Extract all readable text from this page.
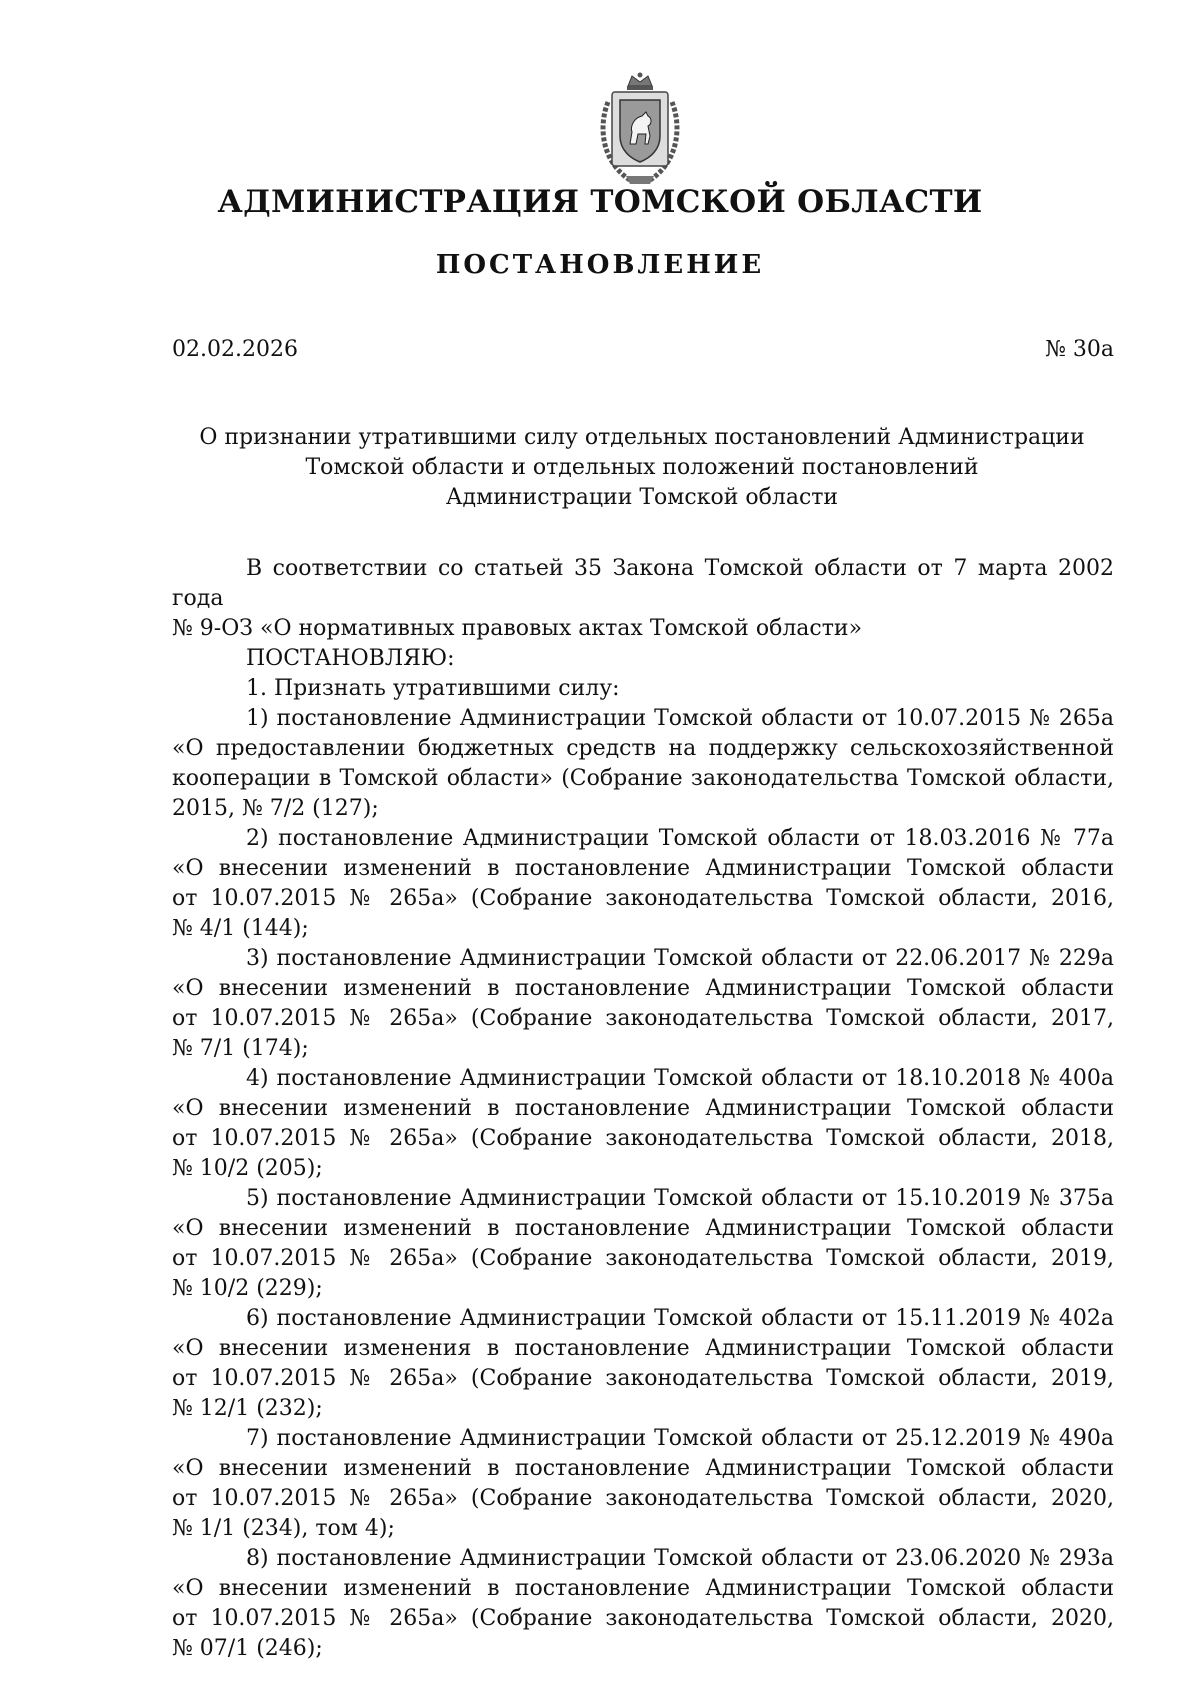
АДМИНИСТРАЦИЯ ТОМСКОЙ ОБЛАСТИ
ПОСТАНОВЛЕНИЕ
02.02.2026	№ 30а
О признании утратившими силу отдельных постановлений Администрации
Томской области и отдельных положений постановлений
Администрации Томской области
В соответствии со статьей 35 Закона Томской области от 7 марта 2002 года
№ 9-ОЗ «О нормативных правовых актах Томской области»

ПОСТАНОВЛЯЮ:

1. Признать утратившими силу:

1) постановление Администрации Томской области от 10.07.2015 № 265а
«О предоставлении бюджетных средств на поддержку сельскохозяйственной
кооперации в Томской области» (Собрание законодательства Томской области,
2015, № 7/2 (127);
2) постановление Администрации Томской области от 18.03.2016 № 77а
«О внесении изменений в постановление Администрации Томской области
от 10.07.2015 № 265а» (Собрание законодательства Томской области, 2016,
№ 4/1 (144);
3) постановление Администрации Томской области от 22.06.2017 № 229а
«О внесении изменений в постановление Администрации Томской области
от 10.07.2015 № 265а» (Собрание законодательства Томской области, 2017,
№ 7/1 (174);
4) постановление Администрации Томской области от 18.10.2018 № 400а
«О внесении изменений в постановление Администрации Томской области
от 10.07.2015 № 265а» (Собрание законодательства Томской области, 2018,
№ 10/2 (205);
5) постановление Администрации Томской области от 15.10.2019 № 375а
«О внесении изменений в постановление Администрации Томской области
от 10.07.2015 № 265а» (Собрание законодательства Томской области, 2019,
№ 10/2 (229);
6) постановление Администрации Томской области от 15.11.2019 № 402а
«О внесении изменения в постановление Администрации Томской области
от 10.07.2015 № 265а» (Собрание законодательства Томской области, 2019,
№ 12/1 (232);
7) постановление Администрации Томской области от 25.12.2019 № 490а
«О внесении изменений в постановление Администрации Томской области
от 10.07.2015 № 265а» (Собрание законодательства Томской области, 2020,
№ 1/1 (234), том 4);
8) постановление Администрации Томской области от 23.06.2020 № 293а
«О внесении изменений в постановление Администрации Томской области
от 10.07.2015 № 265а» (Собрание законодательства Томской области, 2020,
№ 07/1 (246);
